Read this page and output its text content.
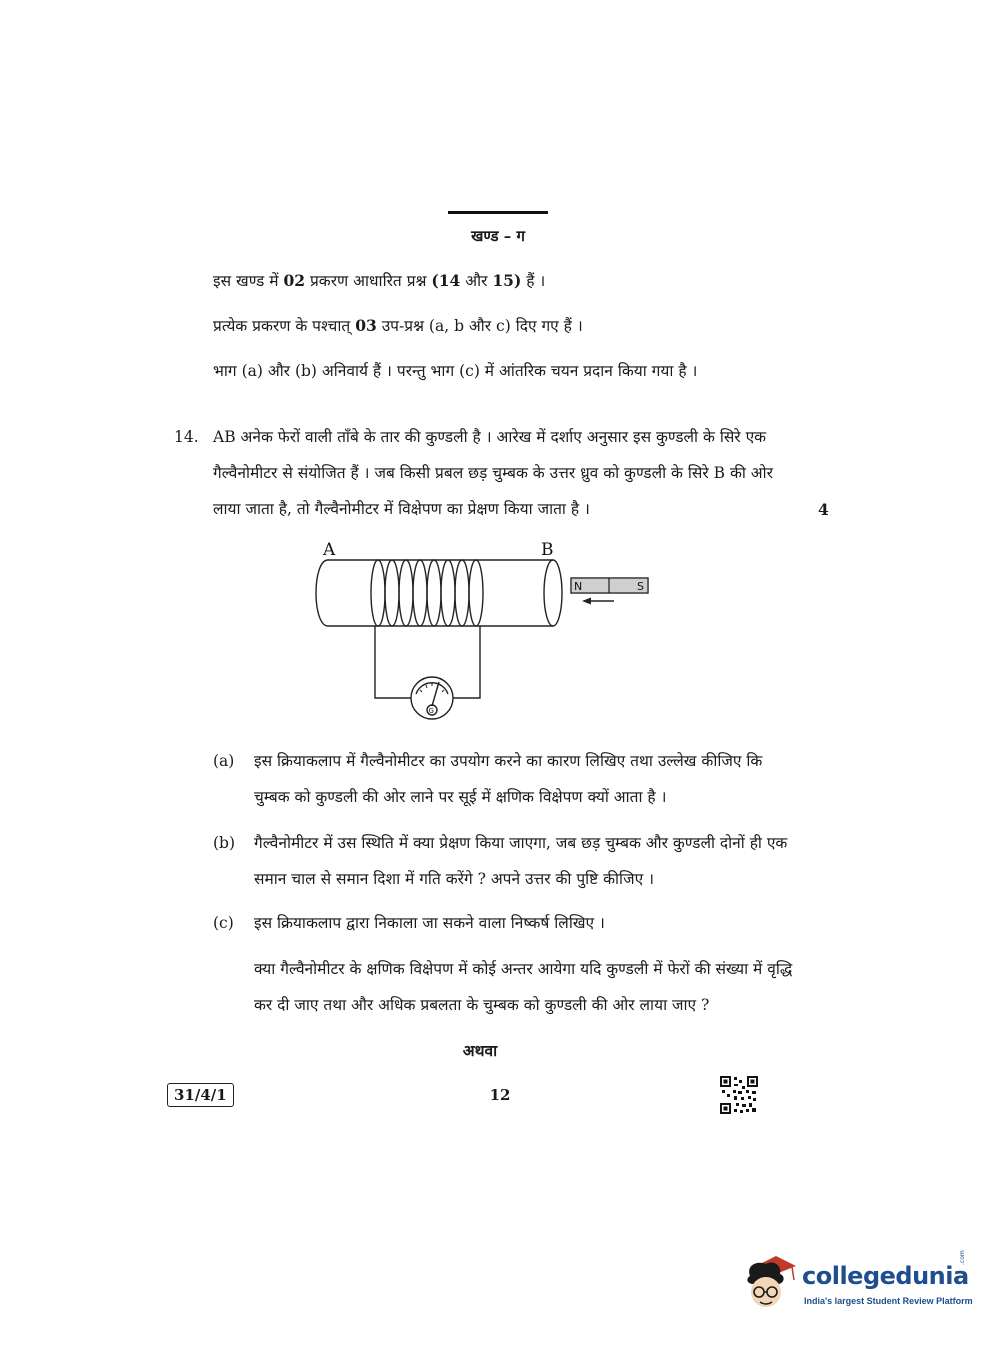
खण्ड – ग
इस खण्ड में 02 प्रकरण आधारित प्रश्न (14 और 15) हैं ।
प्रत्येक प्रकरण के पश्चात् 03 उप-प्रश्न (a, b और c) दिए गए हैं ।
भाग (a) और (b) अनिवार्य हैं । परन्तु भाग (c) में आंतरिक चयन प्रदान किया गया है ।
14. AB अनेक फेरों वाली ताँबे के तार की कुण्डली है । आरेख में दर्शाए अनुसार इस कुण्डली के सिरे एक
गैल्वैनोमीटर से संयोजित हैं । जब किसी प्रबल छड़ चुम्बक के उत्तर ध्रुव को कुण्डली के सिरे B की ओर
लाया जाता है, तो गैल्वैनोमीटर में विक्षेपण का प्रेक्षण किया जाता है ।	4
A	B
N	S
G
(a) इस क्रियाकलाप में गैल्वैनोमीटर का उपयोग करने का कारण लिखिए तथा उल्लेख कीजिए कि
चुम्बक को कुण्डली की ओर लाने पर सूई में क्षणिक विक्षेपण क्यों आता है ।
(b) गैल्वैनोमीटर में उस स्थिति में क्या प्रेक्षण किया जाएगा, जब छड़ चुम्बक और कुण्डली दोनों ही एक
समान चाल से समान दिशा में गति करेंगे ? अपने उत्तर की पुष्टि कीजिए ।
(c) इस क्रियाकलाप द्वारा निकाला जा सकने वाला निष्कर्ष लिखिए ।
क्या गैल्वैनोमीटर के क्षणिक विक्षेपण में कोई अन्तर आयेगा यदि कुण्डली में फेरों की संख्या में वृद्धि
कर दी जाए तथा और अधिक प्रबलता के चुम्बक को कुण्डली की ओर लाया जाए ?
अथवा
31/4/1	12
collegedunia
.com
India's largest Student Review Platform
